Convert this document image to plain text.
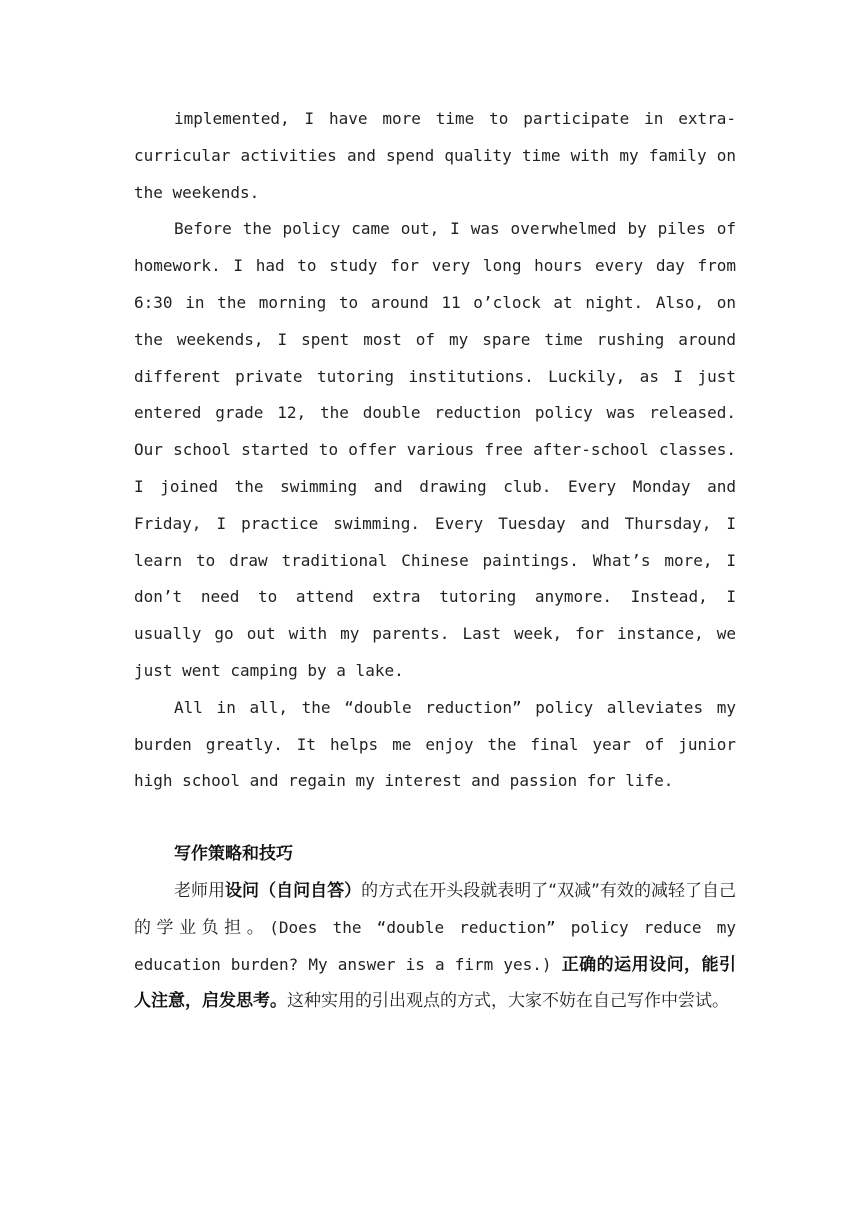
implemented, I have more time to participate in extra-curricular activities and spend quality time with my family on the weekends.

Before the policy came out, I was overwhelmed by piles of homework. I had to study for very long hours every day from 6:30 in the morning to around 11 o’clock at night. Also, on the weekends, I spent most of my spare time rushing around different private tutoring institutions. Luckily, as I just entered grade 12, the double reduction policy was released. Our school started to offer various free after-school classes. I joined the swimming and drawing club. Every Monday and Friday, I practice swimming. Every Tuesday and Thursday, I learn to draw traditional Chinese paintings. What’s more, I don’t need to attend extra tutoring anymore. Instead, I usually go out with my parents. Last week, for instance, we just went camping by a lake.

All in all, the “double reduction” policy alleviates my burden greatly. It helps me enjoy the final year of junior high school and regain my interest and passion for life.

写作策略和技巧

老师用设问（自问自答）的方式在开头段就表明了“双减”有效的减轻了自己的学业负担。(Does the “double reduction” policy reduce my education burden? My answer is a firm yes.) 正确的运用设问，能引人注意，启发思考。这种实用的引出观点的方式，大家不妨在自己写作中尝试。
